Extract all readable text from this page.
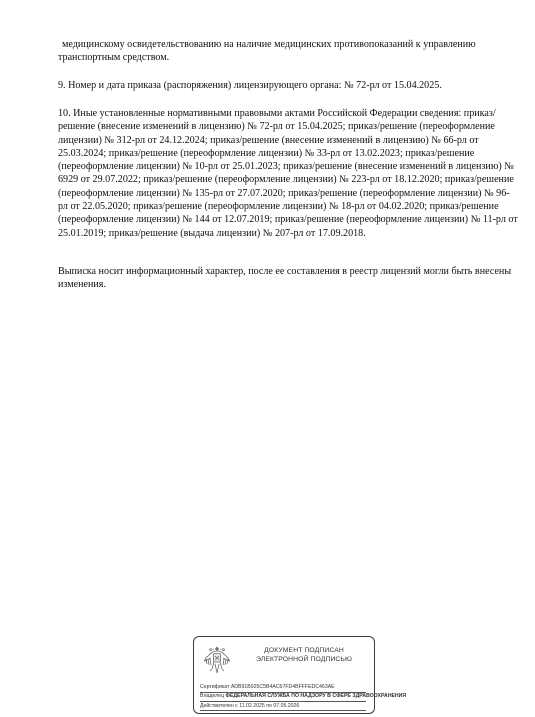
медицинскому освидетельствованию на наличие медицинских противопоказаний к управлению транспортным средством.
9. Номер и дата приказа (распоряжения) лицензирующего органа: № 72-рл от 15.04.2025.
10. Иные установленные нормативными правовыми актами Российской Федерации сведения: приказ/решение (внесение изменений в лицензию) № 72-рл от 15.04.2025; приказ/решение (переоформление лицензии) № 312-рл от 24.12.2024; приказ/решение (внесение изменений в лицензию) № 66-рл от 25.03.2024; приказ/решение (переоформление лицензии) № 33-рл от 13.02.2023; приказ/решение (переоформление лицензии) № 10-рл от 25.01.2023; приказ/решение (внесение изменений в лицензию) № 6929 от 29.07.2022; приказ/решение (переоформление лицензии) № 223-рл от 18.12.2020; приказ/решение (переоформление лицензии) № 135-рл от 27.07.2020; приказ/решение (переоформление лицензии) № 96-рл от 22.05.2020; приказ/решение (переоформление лицензии) № 18-рл от 04.02.2020; приказ/решение (переоформление лицензии) № 144 от 12.07.2019; приказ/решение (переоформление лицензии) № 11-рл от 25.01.2019; приказ/решение (выдача лицензии) № 207-рл от 17.09.2018.
Выписка носит информационный характер, после ее составления в реестр лицензий могли быть внесены изменения.
ДОКУМЕНТ ПОДПИСАН
ЭЛЕКТРОННОЙ ПОДПИСЬЮ
Сертификат ADB91B925C5B4AC67FD4BFFFEDC463AE
Владелец ФЕДЕРАЛЬНАЯ СЛУЖБА ПО НАДЗОРУ В СФЕРЕ ЗДРАВООХРАНЕНИЯ
Действителен с 11.02.2025 по 07.05.2026
